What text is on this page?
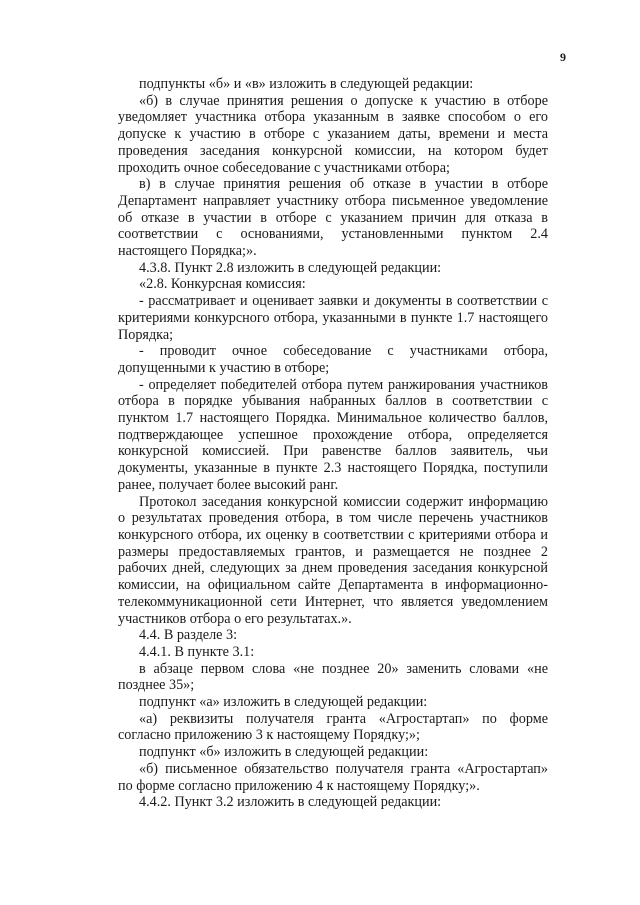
9

подпункты «б» и «в» изложить в следующей редакции:

«б) в случае принятия решения о допуске к участию в отборе уведомляет участника отбора указанным в заявке способом о его допуске к участию в отборе с указанием даты, времени и места проведения заседания конкурсной комиссии, на котором будет проходить очное собеседование с участниками отбора;

в) в случае принятия решения об отказе в участии в отборе Департамент направляет участнику отбора письменное уведомление об отказе в участии в отборе с указанием причин для отказа в соответствии с основаниями, установленными пунктом 2.4 настоящего Порядка;».

4.3.8. Пункт 2.8 изложить в следующей редакции:

«2.8. Конкурсная комиссия:

- рассматривает и оценивает заявки и документы в соответствии с критериями конкурсного отбора, указанными в пункте 1.7 настоящего Порядка;

- проводит очное собеседование с участниками отбора, допущенными к участию в отборе;

- определяет победителей отбора путем ранжирования участников отбора в порядке убывания набранных баллов в соответствии с пунктом 1.7 настоящего Порядка. Минимальное количество баллов, подтверждающее успешное прохождение отбора, определяется конкурсной комиссией. При равенстве баллов заявитель, чьи документы, указанные в пункте 2.3 настоящего Порядка, поступили ранее, получает более высокий ранг.

Протокол заседания конкурсной комиссии содержит информацию о результатах проведения отбора, в том числе перечень участников конкурсного отбора, их оценку в соответствии с критериями отбора и размеры предоставляемых грантов, и размещается не позднее 2 рабочих дней, следующих за днем проведения заседания конкурсной комиссии, на официальном сайте Департамента в информационно-телекоммуникационной сети Интернет, что является уведомлением участников отбора о его результатах.».

4.4. В разделе 3:

4.4.1. В пункте 3.1:

в абзаце первом слова «не позднее 20» заменить словами «не позднее 35»;

подпункт «а» изложить в следующей редакции:

«а) реквизиты получателя гранта «Агростартап» по форме согласно приложению 3 к настоящему Порядку;»;

подпункт «б» изложить в следующей редакции:

«б) письменное обязательство получателя гранта «Агростартап» по форме согласно приложению 4 к настоящему Порядку;».

4.4.2. Пункт 3.2 изложить в следующей редакции:
